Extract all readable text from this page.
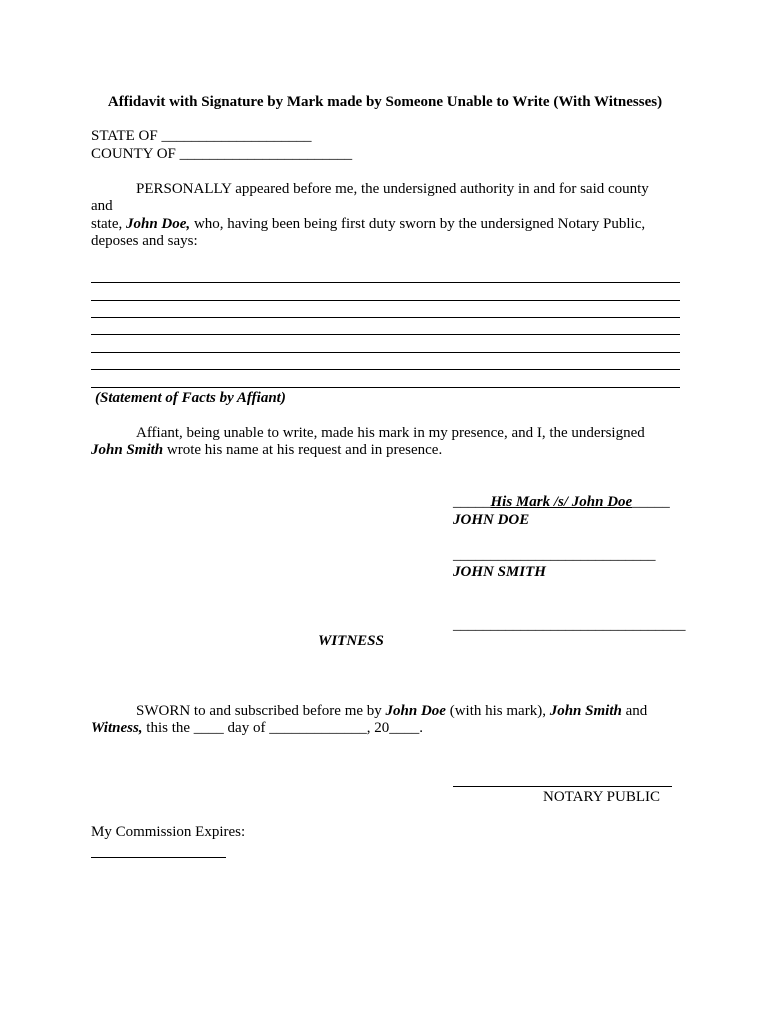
Affidavit with Signature by Mark made by Someone Unable to Write (With Witnesses)
STATE OF ____________________
COUNTY OF _______________________
PERSONALLY appeared before me, the undersigned authority in and for said county
and
state, John Doe, who, having been being first duty sworn by the undersigned Notary Public,
deposes and says:
(Statement of Facts by Affiant)
Affiant, being unable to write, made his mark in my presence, and I, the undersigned
John Smith wrote his name at his request and in presence.
_____His Mark /s/ John Doe_____
JOHN DOE
___________________________
JOHN SMITH
_______________________________
WITNESS
SWORN to and subscribed before me by John Doe (with his mark), John Smith and
Witness, this the ____ day of _____________, 20____.
NOTARY PUBLIC
My Commission Expires:
